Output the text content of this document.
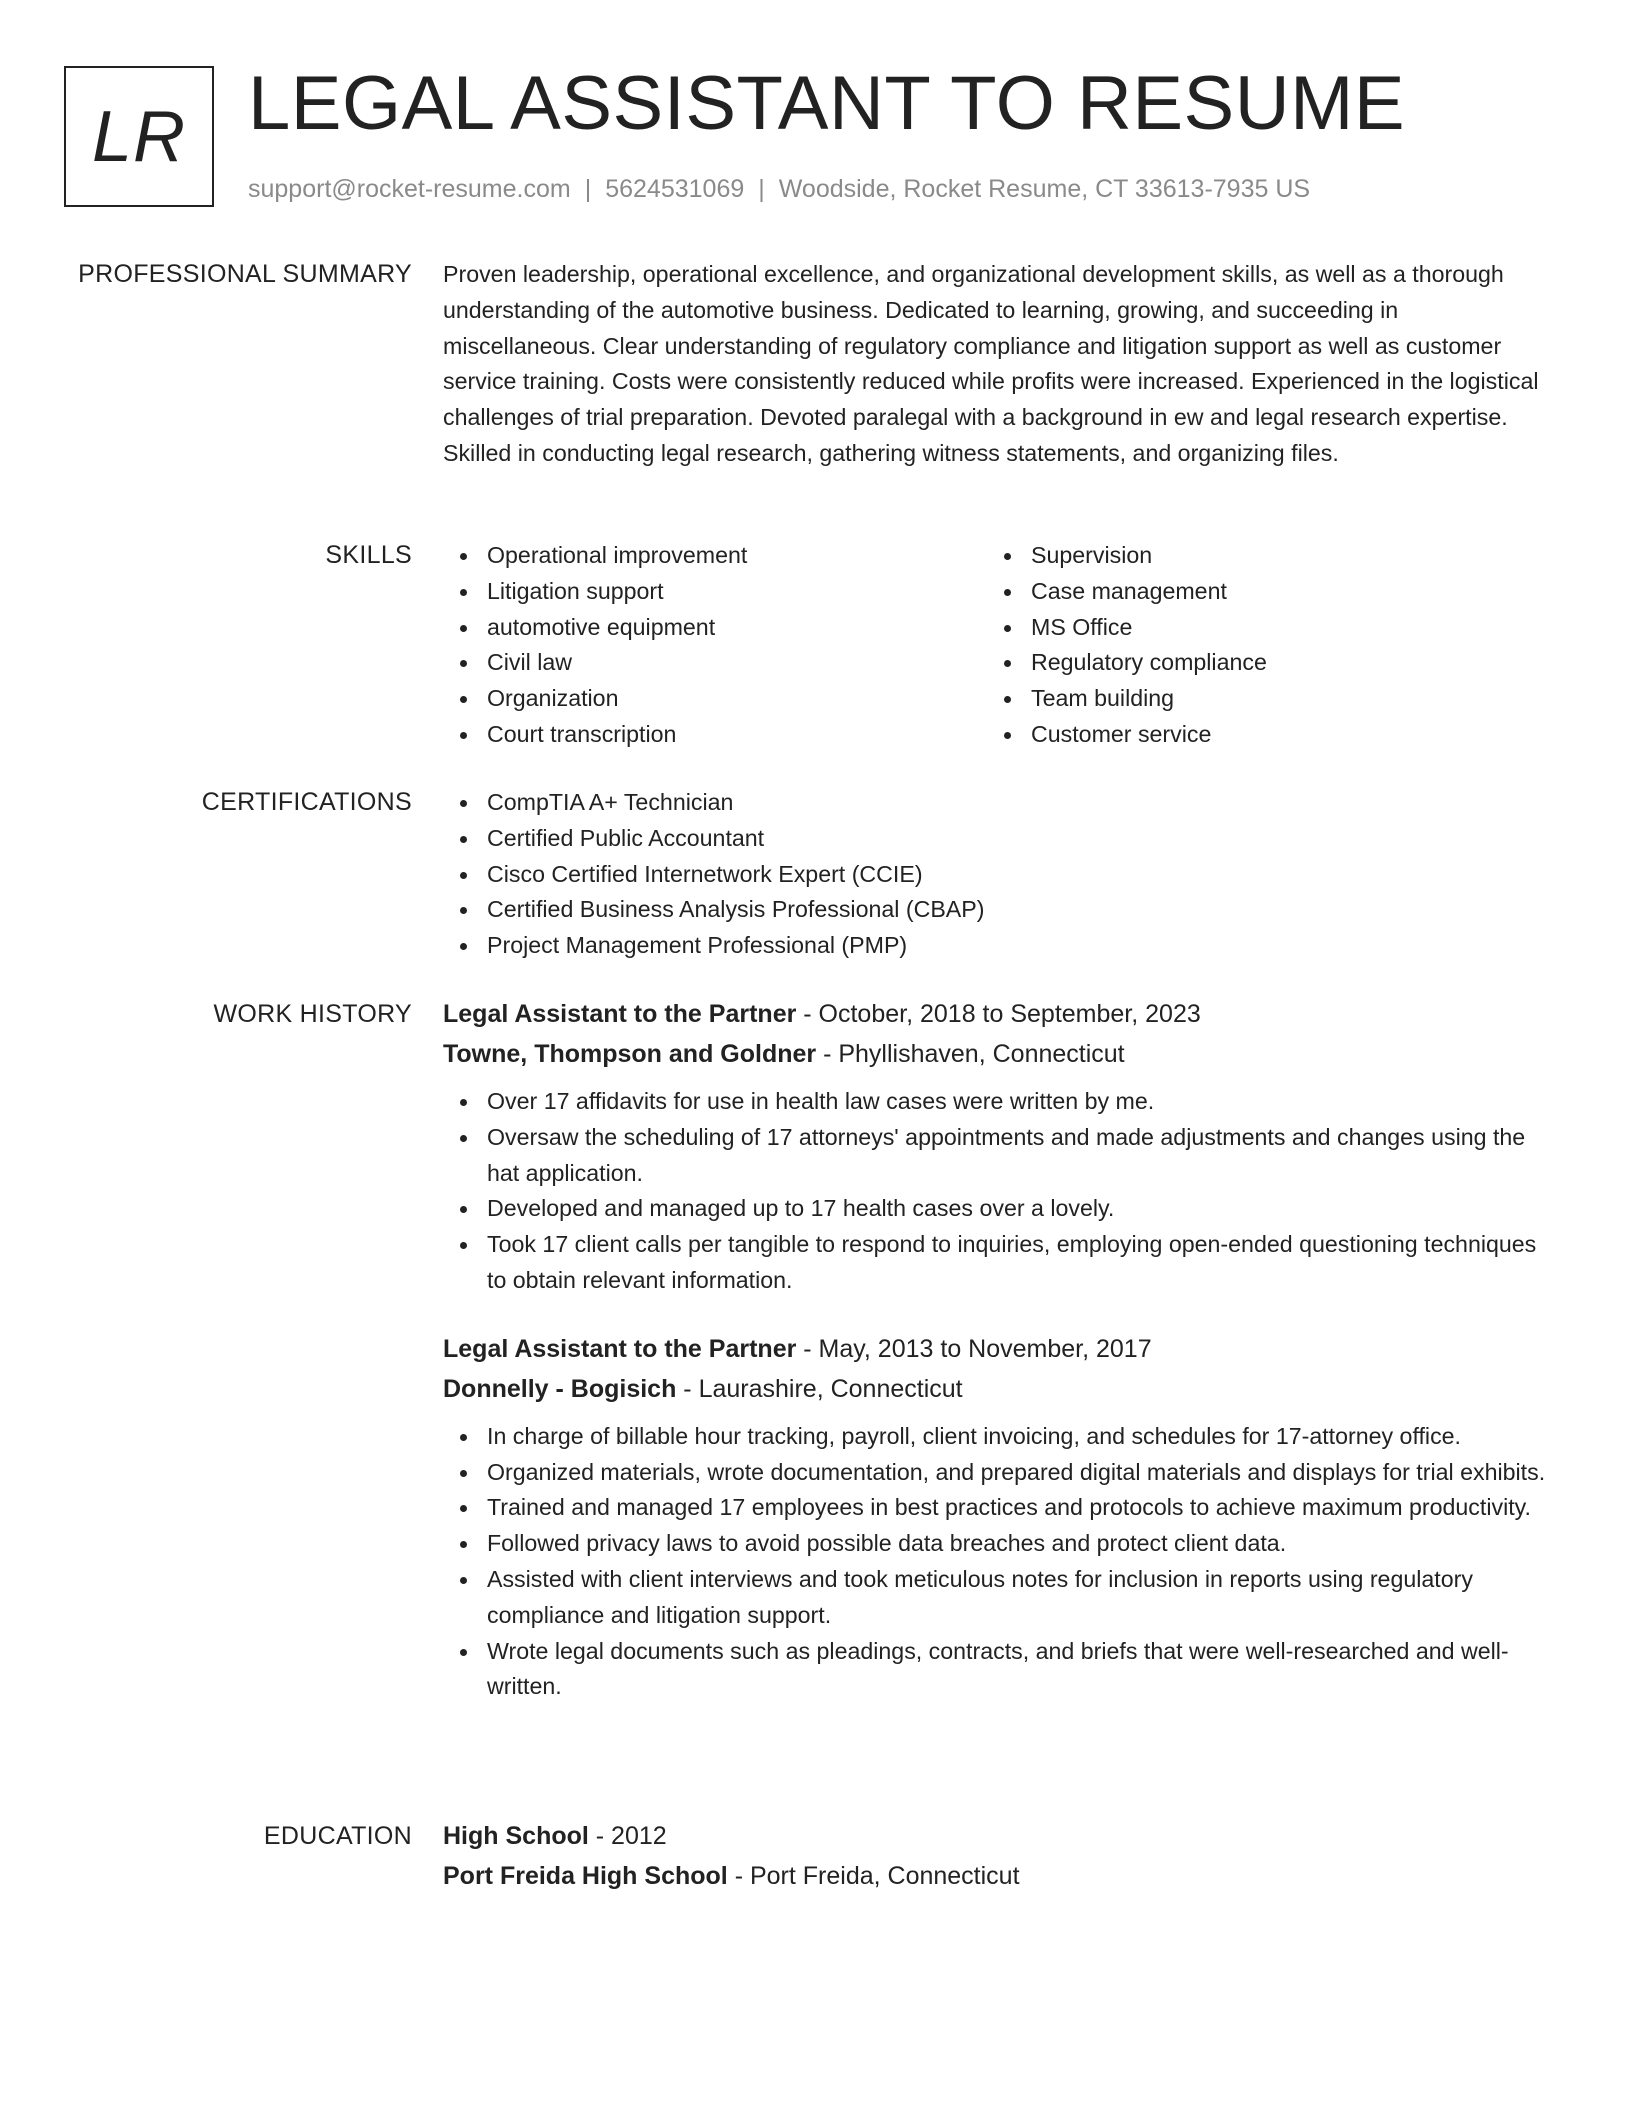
LR LEGAL ASSISTANT TO RESUME
support@rocket-resume.com | 5624531069 | Woodside, Rocket Resume, CT 33613-7935 US
PROFESSIONAL SUMMARY Proven leadership, operational excellence, and organizational development skills, as well as a thorough understanding of the automotive business. Dedicated to learning, growing, and succeeding in miscellaneous. Clear understanding of regulatory compliance and litigation support as well as customer service training. Costs were consistently reduced while profits were increased. Experienced in the logistical challenges of trial preparation. Devoted paralegal with a background in ew and legal research expertise. Skilled in conducting legal research, gathering witness statements, and organizing files.
SKILLS	Operational improvement
Litigation support
automotive equipment
Civil law
Organization
Court transcription
Supervision
Case management
MS Office
Regulatory compliance
Team building
Customer service
CERTIFICATIONS	CompTIA A+ Technician
Certified Public Accountant
Cisco Certified Internetwork Expert (CCIE)
Certified Business Analysis Professional (CBAP)
Project Management Professional (PMP)
WORK HISTORY Legal Assistant to the Partner - October, 2018 to September, 2023
Towne, Thompson and Goldner - Phyllishaven, Connecticut
Over 17 affidavits for use in health law cases were written by me.
Oversaw the scheduling of 17 attorneys' appointments and made adjustments and changes using the hat application.
Developed and managed up to 17 health cases over a lovely.
Took 17 client calls per tangible to respond to inquiries, employing open-ended questioning techniques to obtain relevant information.
Legal Assistant to the Partner - May, 2013 to November, 2017
Donnelly - Bogisich - Laurashire, Connecticut
In charge of billable hour tracking, payroll, client invoicing, and schedules for 17-attorney office.
Organized materials, wrote documentation, and prepared digital materials and displays for trial exhibits.
Trained and managed 17 employees in best practices and protocols to achieve maximum productivity.
Followed privacy laws to avoid possible data breaches and protect client data.
Assisted with client interviews and took meticulous notes for inclusion in reports using regulatory compliance and litigation support.
Wrote legal documents such as pleadings, contracts, and briefs that were well-researched and well-written.
EDUCATION High School - 2012
Port Freida High School - Port Freida, Connecticut
